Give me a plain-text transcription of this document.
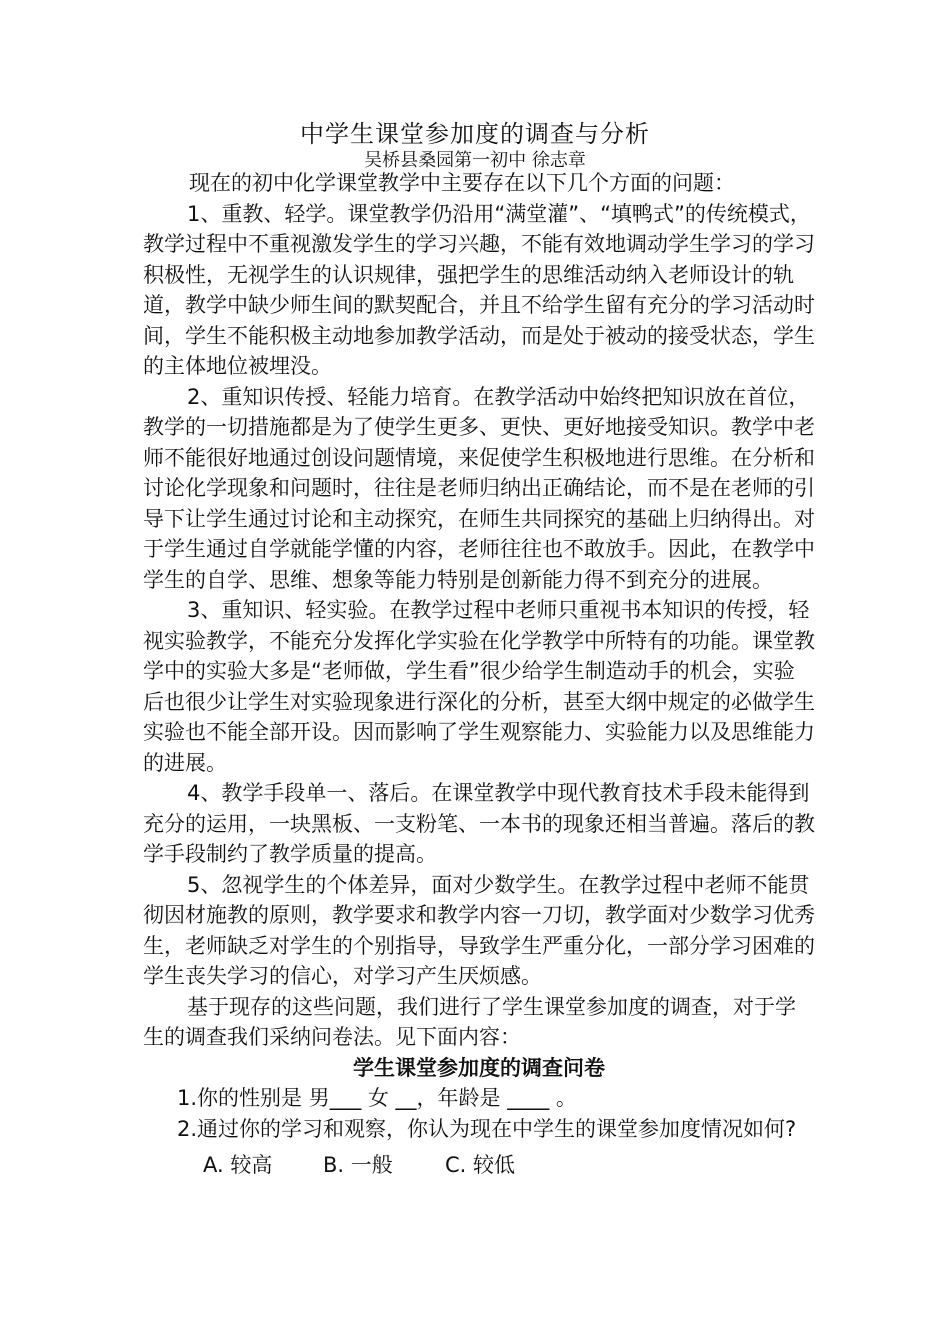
中学生课堂参加度的调查与分析
吴桥县桑园第一初中 徐志章

现在的初中化学课堂教学中主要存在以下几个方面的问题：

1、重教、轻学。课堂教学仍沿用“满堂灌”、“填鸭式”的传统模式，教学过程中不重视激发学生的学习兴趣，不能有效地调动学生学习的学习积极性，无视学生的认识规律，强把学生的思维活动纳入老师设计的轨道，教学中缺少师生间的默契配合，并且不给学生留有充分的学习活动时间，学生不能积极主动地参加教学活动，而是处于被动的接受状态，学生的主体地位被埋没。

2、重知识传授、轻能力培育。在教学活动中始终把知识放在首位，教学的一切措施都是为了使学生更多、更快、更好地接受知识。教学中老师不能很好地通过创设问题情境，来促使学生积极地进行思维。在分析和讨论化学现象和问题时，往往是老师归纳出正确结论，而不是在老师的引导下让学生通过讨论和主动探究，在师生共同探究的基础上归纳得出。对于学生通过自学就能学懂的内容，老师往往也不敢放手。因此，在教学中学生的自学、思维、想象等能力特别是创新能力得不到充分的进展。

3、重知识、轻实验。在教学过程中老师只重视书本知识的传授，轻视实验教学，不能充分发挥化学实验在化学教学中所特有的功能。课堂教学中的实验大多是“老师做，学生看”很少给学生制造动手的机会，实验后也很少让学生对实验现象进行深化的分析，甚至大纲中规定的必做学生实验也不能全部开设。因而影响了学生观察能力、实验能力以及思维能力的进展。

4、教学手段单一、落后。在课堂教学中现代教育技术手段未能得到充分的运用，一块黑板、一支粉笔、一本书的现象还相当普遍。落后的教学手段制约了教学质量的提高。

5、忽视学生的个体差异，面对少数学生。在教学过程中老师不能贯彻因材施教的原则，教学要求和教学内容一刀切，教学面对少数学习优秀生，老师缺乏对学生的个别指导，导致学生严重分化，一部分学习困难的学生丧失学习的信心，对学习产生厌烦感。

基于现存的这些问题，我们进行了学生课堂参加度的调查，对于学生的调查我们采纳问卷法。见下面内容：

学生课堂参加度的调查问卷

1.你的性别是 男___ 女 __，年龄是 ____ 。

2.通过你的学习和观察，你认为现在中学生的课堂参加度情况如何?

A. 较高 B. 一般 C. 较低
